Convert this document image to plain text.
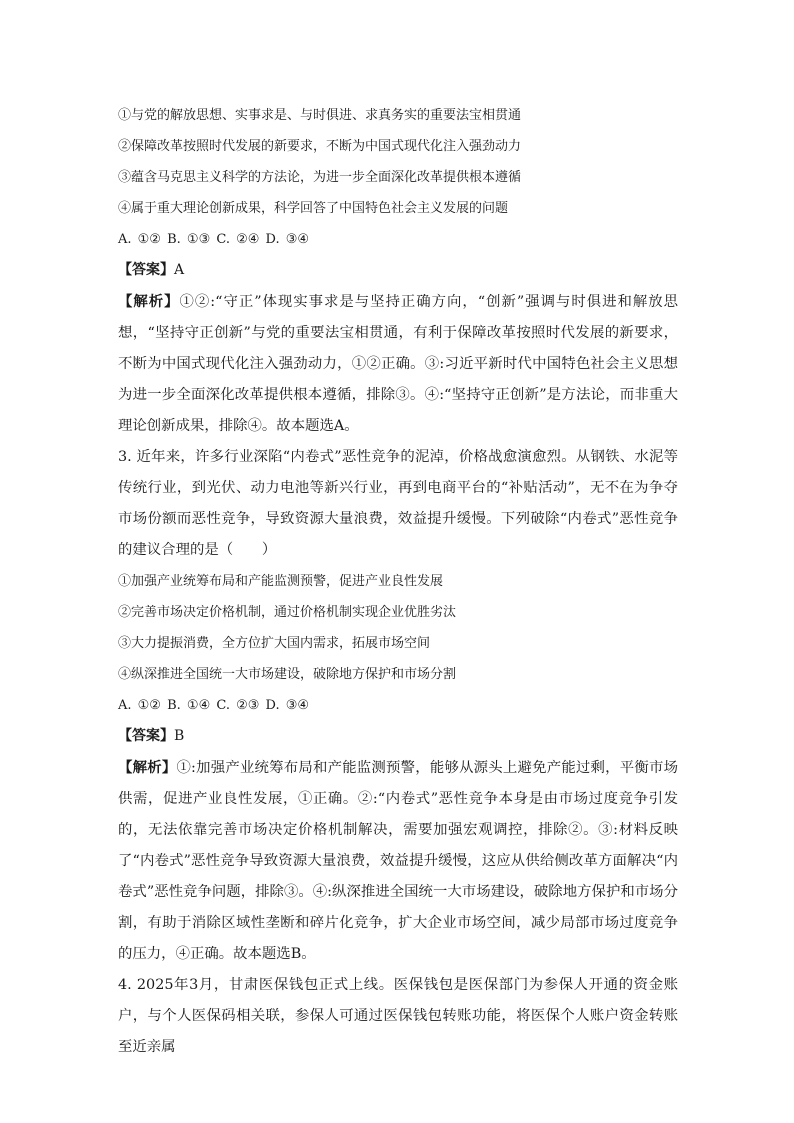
①与党的解放思想、实事求是、与时俱进、求真务实的重要法宝相贯通
②保障改革按照时代发展的新要求，不断为中国式现代化注入强劲动力
③蕴含马克思主义科学的方法论，为进一步全面深化改革提供根本遵循
④属于重大理论创新成果，科学回答了中国特色社会主义发展的问题
A. ①② B. ①③ C. ②④ D. ③④
【答案】A
【解析】①②:“守正”体现实事求是与坚持正确方向，“创新”强调与时俱进和解放思想，“坚持守正创新”与党的重要法宝相贯通，有利于保障改革按照时代发展的新要求，不断为中国式现代化注入强劲动力，①②正确。③:习近平新时代中国特色社会主义思想为进一步全面深化改革提供根本遵循，排除③。④:“坚持守正创新”是方法论，而非重大理论创新成果，排除④。故本题选A。
3. 近年来，许多行业深陷“内卷式”恶性竞争的泥淖，价格战愈演愈烈。从钢铁、水泥等传统行业，到光伏、动力电池等新兴行业，再到电商平台的“补贴活动”，无不在为争夺市场份额而恶性竞争，导致资源大量浪费，效益提升缓慢。下列破除“内卷式”恶性竞争的建议合理的是（　　）
①加强产业统筹布局和产能监测预警，促进产业良性发展
②完善市场决定价格机制，通过价格机制实现企业优胜劣汰
③大力提振消费，全方位扩大国内需求，拓展市场空间
④纵深推进全国统一大市场建设，破除地方保护和市场分割
A. ①② B. ①④ C. ②③ D. ③④
【答案】B
【解析】①:加强产业统筹布局和产能监测预警，能够从源头上避免产能过剩，平衡市场供需，促进产业良性发展，①正确。②:“内卷式”恶性竞争本身是由市场过度竞争引发的，无法依靠完善市场决定价格机制解决，需要加强宏观调控，排除②。③:材料反映了“内卷式”恶性竞争导致资源大量浪费，效益提升缓慢，这应从供给侧改革方面解决“内卷式”恶性竞争问题，排除③。④:纵深推进全国统一大市场建设，破除地方保护和市场分割，有助于消除区域性垄断和碎片化竞争，扩大企业市场空间，减少局部市场过度竞争的压力，④正确。故本题选B。
4. 2025年3月，甘肃医保钱包正式上线。医保钱包是医保部门为参保人开通的资金账户，与个人医保码相关联，参保人可通过医保钱包转账功能，将医保个人账户资金转账至近亲属
